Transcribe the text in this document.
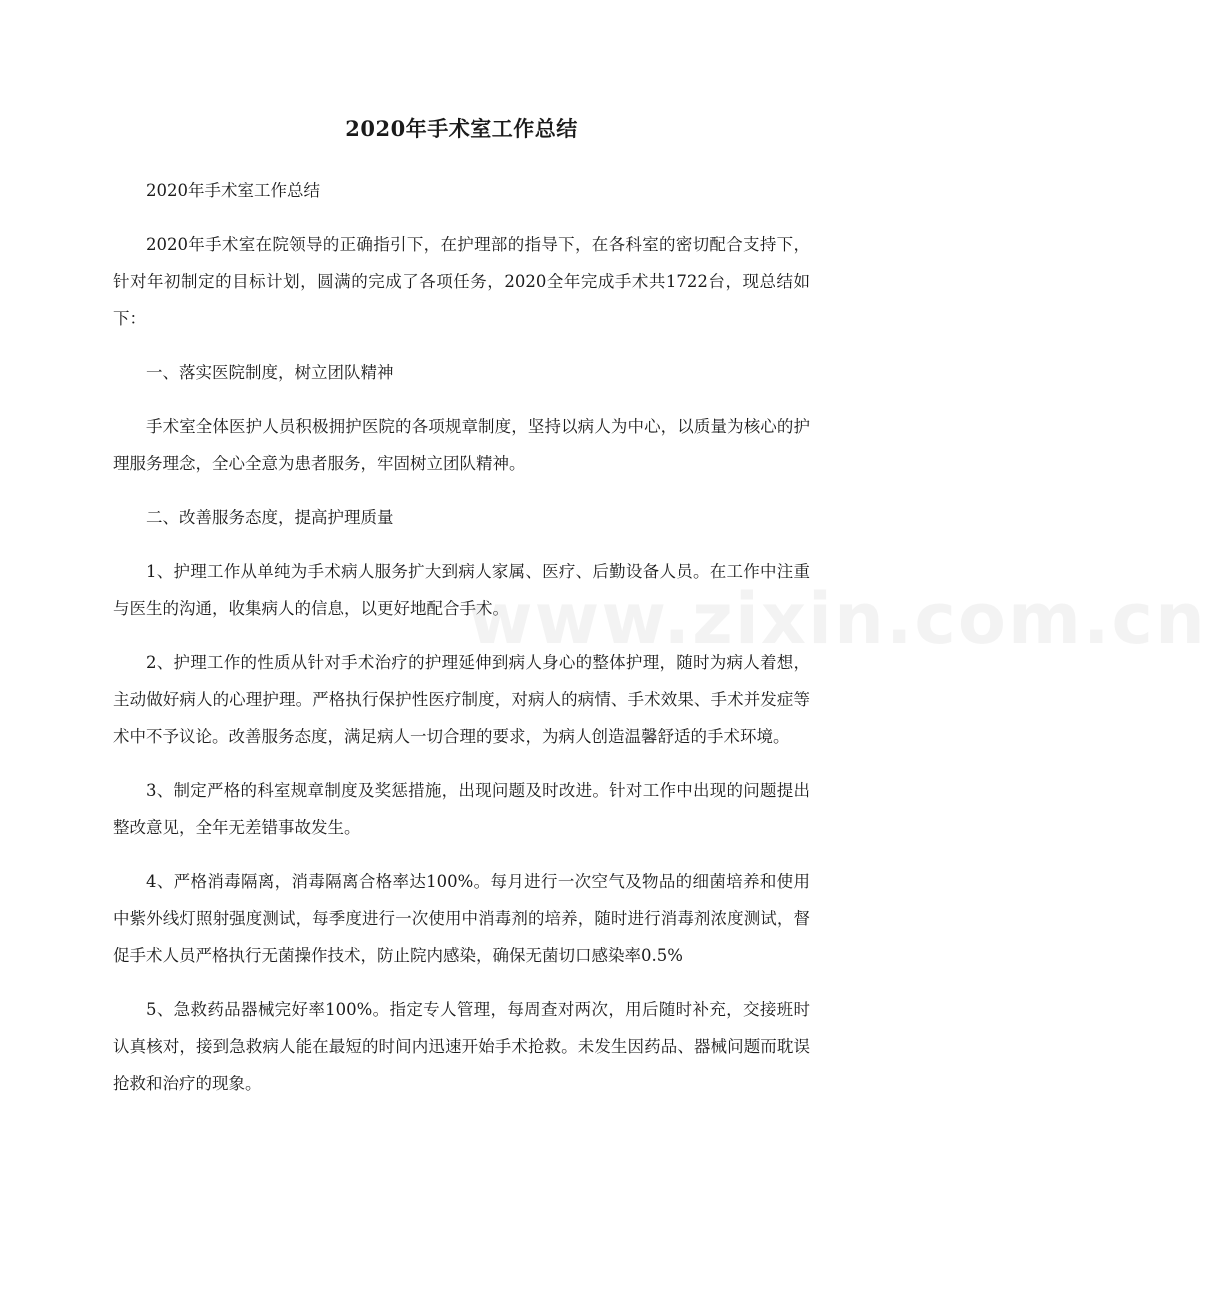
2020年手术室工作总结

2020年手术室工作总结

2020年手术室在院领导的正确指引下，在护理部的指导下，在各科室的密切配合支持下，针对年初制定的目标计划，圆满的完成了各项任务，2020全年完成手术共1722台，现总结如下：

一、落实医院制度，树立团队精神

手术室全体医护人员积极拥护医院的各项规章制度，坚持以病人为中心，以质量为核心的护理服务理念，全心全意为患者服务，牢固树立团队精神。

二、改善服务态度，提高护理质量

1、护理工作从单纯为手术病人服务扩大到病人家属、医疗、后勤设备人员。在工作中注重与医生的沟通，收集病人的信息，以更好地配合手术。

2、护理工作的性质从针对手术治疗的护理延伸到病人身心的整体护理，随时为病人着想，主动做好病人的心理护理。严格执行保护性医疗制度，对病人的病情、手术效果、手术并发症等术中不予议论。改善服务态度，满足病人一切合理的要求，为病人创造温馨舒适的手术环境。

3、制定严格的科室规章制度及奖惩措施，出现问题及时改进。针对工作中出现的问题提出整改意见，全年无差错事故发生。

4、严格消毒隔离，消毒隔离合格率达100%。每月进行一次空气及物品的细菌培养和使用中紫外线灯照射强度测试，每季度进行一次使用中消毒剂的培养，随时进行消毒剂浓度测试，督促手术人员严格执行无菌操作技术，防止院内感染，确保无菌切口感染率0.5%

5、急救药品器械完好率100%。指定专人管理，每周查对两次，用后随时补充，交接班时认真核对，接到急救病人能在最短的时间内迅速开始手术抢救。未发生因药品、器械问题而耽误抢救和治疗的现象。

www.zixin.com.cn
